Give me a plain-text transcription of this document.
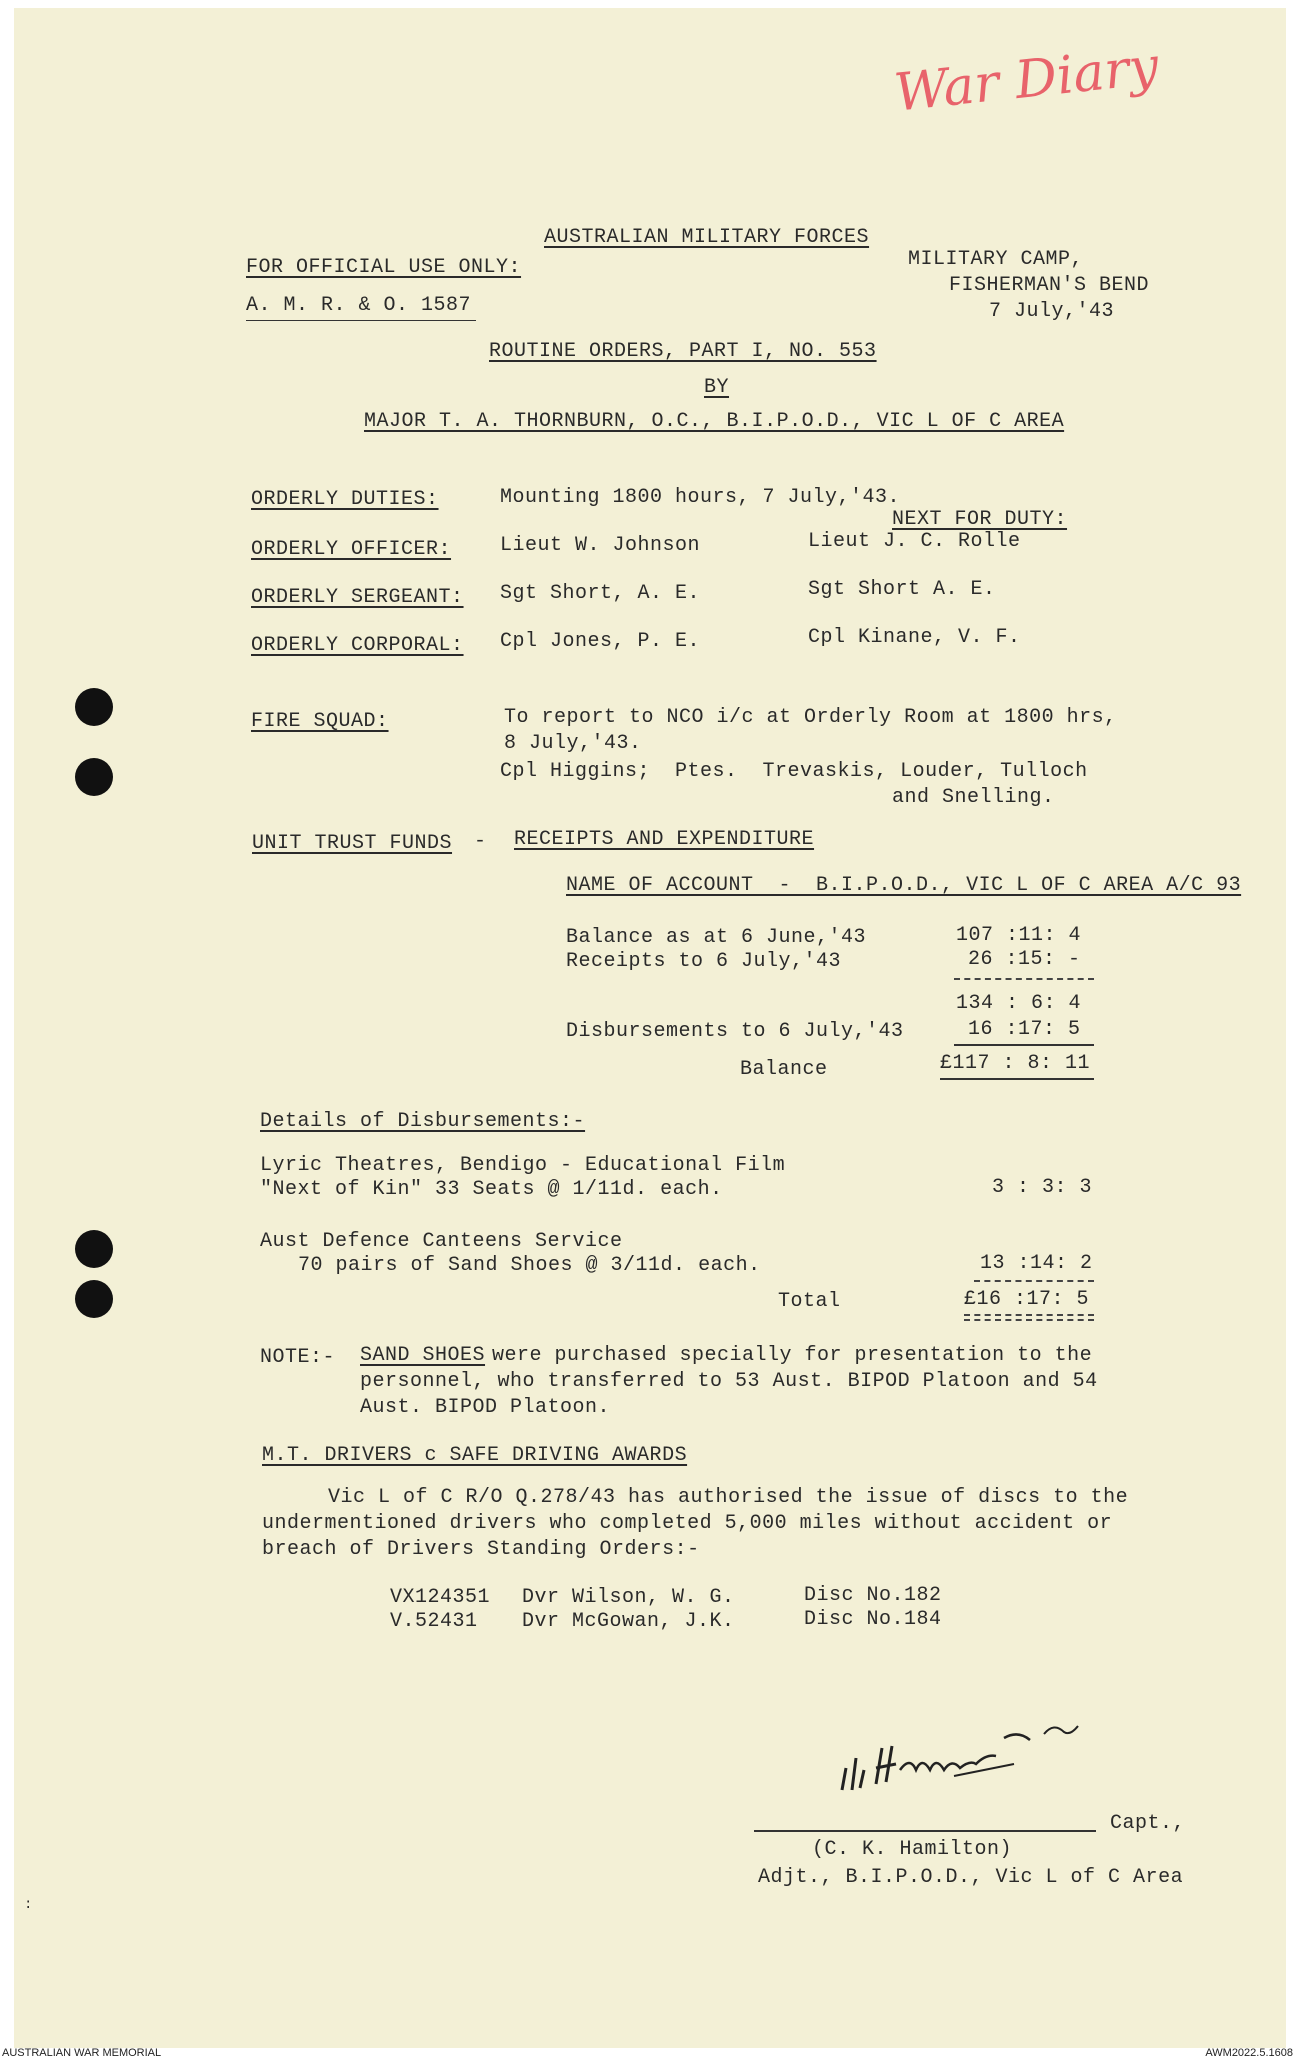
War Diary
AUSTRALIAN MILITARY FORCES
FOR OFFICIAL USE ONLY:
A. M. R. & O. 1587
MILITARY CAMP,
FISHERMAN'S BEND
7 July,'43
ROUTINE ORDERS, PART I, NO. 553
BY
MAJOR T. A. THORNBURN, O.C., B.I.P.O.D., VIC L OF C AREA
ORDERLY DUTIES:	Mounting 1800 hours, 7 July,'43.
NEXT FOR DUTY:
ORDERLY OFFICER: Lieut W. Johnson	Lieut J. C. Rolle
ORDERLY SERGEANT: Sgt Short, A. E.	Sgt Short A. E.
ORDERLY CORPORAL: Cpl Jones, P. E.	Cpl Kinane, V. F.
FIRE SQUAD:	To report to NCO i/c at Orderly Room at 1800 hrs,
8 July,'43.
Cpl Higgins;  Ptes.  Trevaskis, Louder, Tulloch
and Snelling.
UNIT TRUST FUNDS - RECEIPTS AND EXPENDITURE
NAME OF ACCOUNT  -  B.I.P.O.D., VIC L OF C AREA A/C 93
Balance as at 6 June,'43	107 :11: 4
Receipts to 6 July,'43	26 :15: -
134 : 6: 4
Disbursements to 6 July,'43	16 :17: 5
Balance	£117 : 8: 11
Details of Disbursements:-
Lyric Theatres, Bendigo - Educational Film
"Next of Kin" 33 Seats @ 1/11d. each.	3 : 3: 3
Aust Defence Canteens Service
70 pairs of Sand Shoes @ 3/11d. each.	13 :14: 2
Total	£16 :17: 5
NOTE:- SAND SHOES were purchased specially for presentation to the
personnel, who transferred to 53 Aust. BIPOD Platoon and 54
Aust. BIPOD Platoon.
M.T. DRIVERS c SAFE DRIVING AWARDS
Vic L of C R/O Q.278/43 has authorised the issue of discs to the
undermentioned drivers who completed 5,000 miles without accident or
breach of Drivers Standing Orders:-
VX124351 Dvr Wilson, W. G.	Disc No.182
V.52431 Dvr McGowan, J.K.	Disc No.184
Capt.,
(C. K. Hamilton)
Adjt., B.I.P.O.D., Vic L of C Area
:
AUSTRALIAN WAR MEMORIAL	AWM2022.5.1608
